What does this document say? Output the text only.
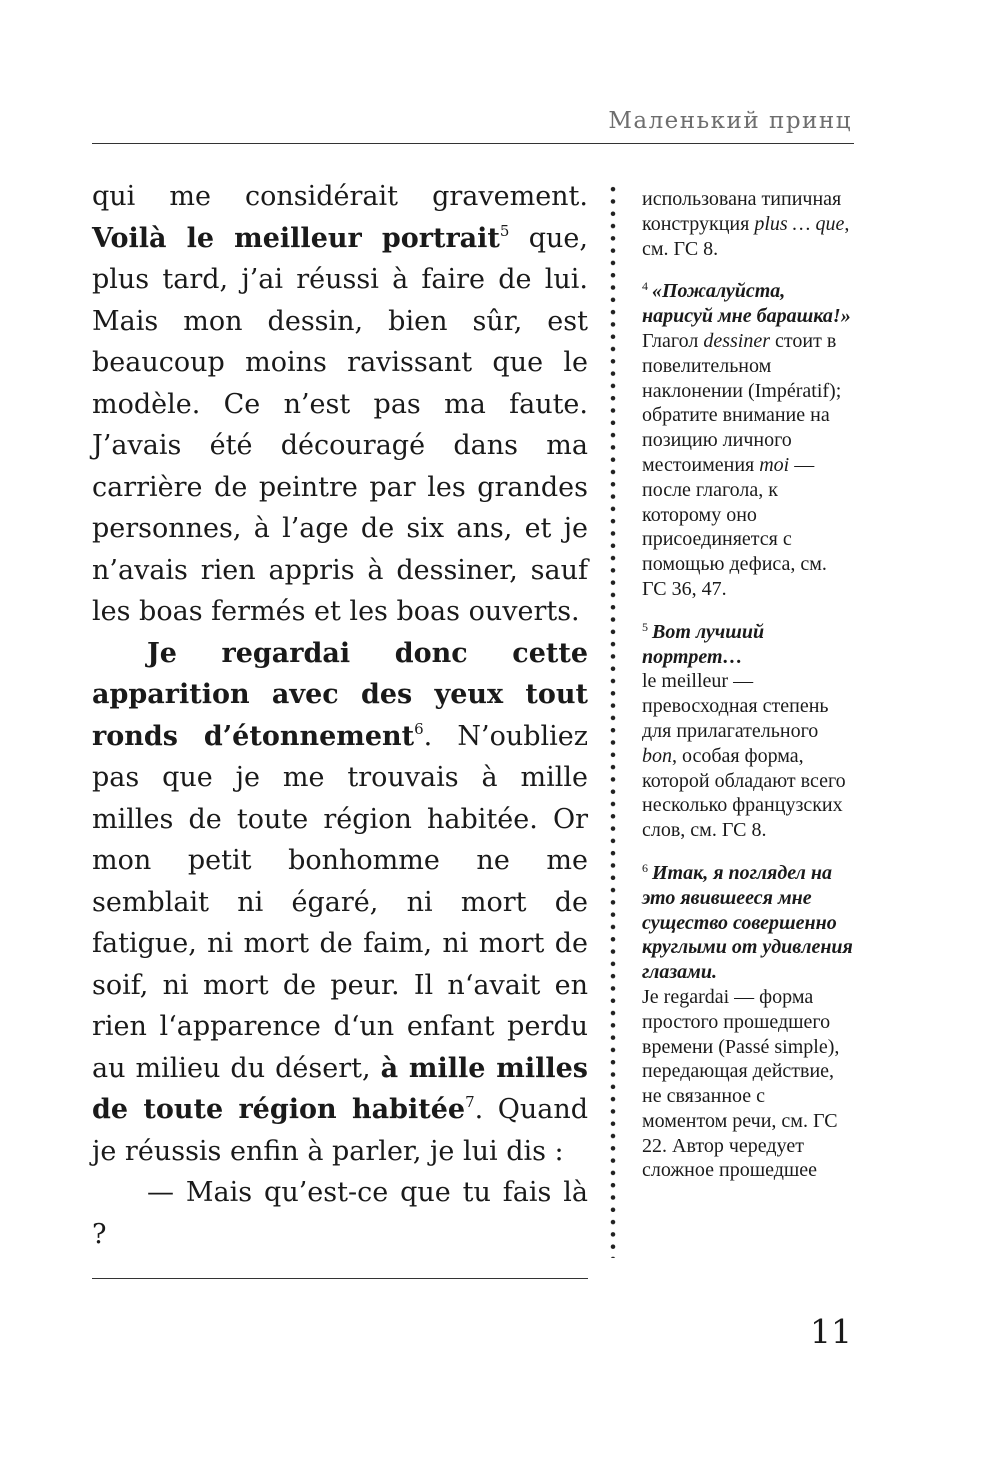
Маленький принц

qui me considérait gravement. Voilà le meilleur portrait$^5$ que, plus tard, j’ai réussi à faire de lui. Mais mon dessin, bien sûr, est beaucoup moins ravissant que le modèle. Ce n’est pas ma faute. J’avais été découragé dans ma carrière de peintre par les grandes personnes, à l’age de six ans, et je n’avais rien appris à dessiner, sauf les boas fermés et les boas ouverts.

Je regardai donc cette apparition avec des yeux tout ronds d’étonnement$^6$. N’oubliez pas que je me trouvais à mille milles de toute région habitée. Or mon petit bonhomme ne me semblait ni égaré, ni mort de fatigue, ni mort de faim, ni mort de soif, ni mort de peur. Il n‘avait en rien l‘apparence d‘un enfant perdu au milieu du désert, à mille milles de toute région habitée$^7$. Quand je réussis enfin à parler, je lui dis :

— Mais qu’est-ce que tu fais là ?

использована типичная конструкция plus … que, см. ГС 8.

$^4$ «Пожалуйста, нарисуй мне барашка!»

Глагол dessiner стоит в повелительном наклонении (Impératif); обратите внимание на позицию личного местоимения moi — после глагола, к которому оно присоединяется с помощью дефиса, см. ГС 36, 47.

$^5$ Вот лучший портрет…

le meilleur — превосходная степень для прилагательного bon, особая форма, которой обладают всего несколько французских слов, см. ГС 8.

$^6$ Итак, я поглядел на это явившееся мне существо совершенно круглыми от удивления глазами.

Je regardai — форма простого прошедшего времени (Passé simple), передающая действие, не связанное с моментом речи, см. ГС 22. Автор чередует сложное прошедшее

11
